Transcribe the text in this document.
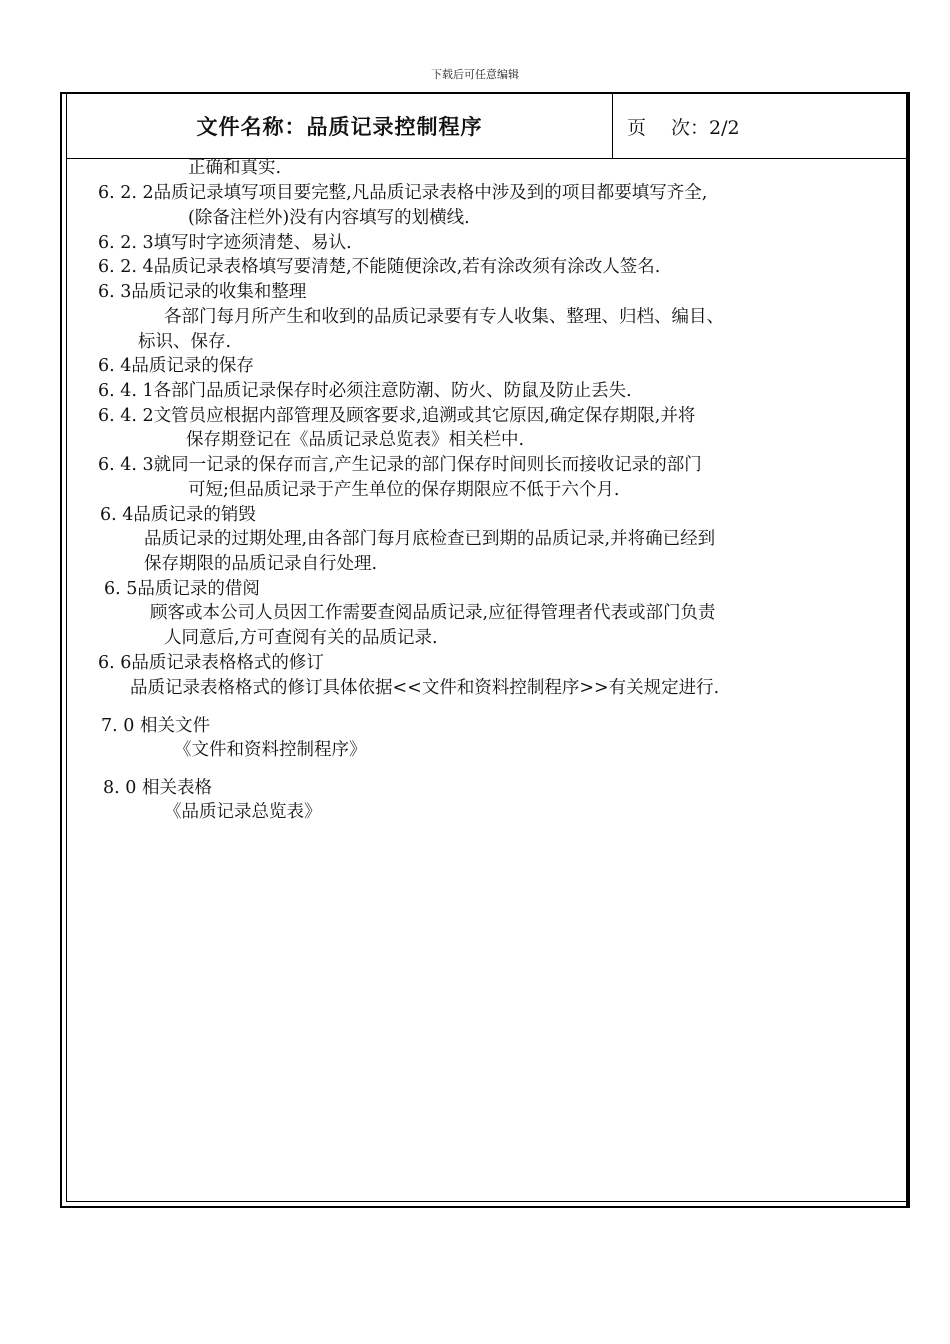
下载后可任意编辑
文件名称：品质记录控制程序	页　 次：2/2
正确和真实.
6. 2. 2品质记录填写项目要完整,凡品质记录表格中涉及到的项目都要填写齐全,
(除备注栏外)没有内容填写的划横线.
6. 2. 3填写时字迹须清楚、易认.
6. 2. 4品质记录表格填写要清楚,不能随便涂改,若有涂改须有涂改人签名.
6. 3品质记录的收集和整理
各部门每月所产生和收到的品质记录要有专人收集、整理、归档、编目、
标识、保存.
6. 4品质记录的保存
6. 4. 1各部门品质记录保存时必须注意防潮、防火、防鼠及防止丢失.
6. 4. 2文管员应根据内部管理及顾客要求,追溯或其它原因,确定保存期限,并将
保存期登记在《品质记录总览表》相关栏中.
6. 4. 3就同一记录的保存而言,产生记录的部门保存时间则长而接收记录的部门
可短;但品质记录于产生单位的保存期限应不低于六个月.
6. 4品质记录的销毁
品质记录的过期处理,由各部门每月底检查已到期的品质记录,并将确已经到
保存期限的品质记录自行处理.
6. 5品质记录的借阅
顾客或本公司人员因工作需要查阅品质记录,应征得管理者代表或部门负责
人同意后,方可查阅有关的品质记录.
6. 6品质记录表格格式的修订
品质记录表格格式的修订具体依据<<文件和资料控制程序>>有关规定进行.
7. 0 相关文件
《文件和资料控制程序》
8. 0 相关表格
《品质记录总览表》
